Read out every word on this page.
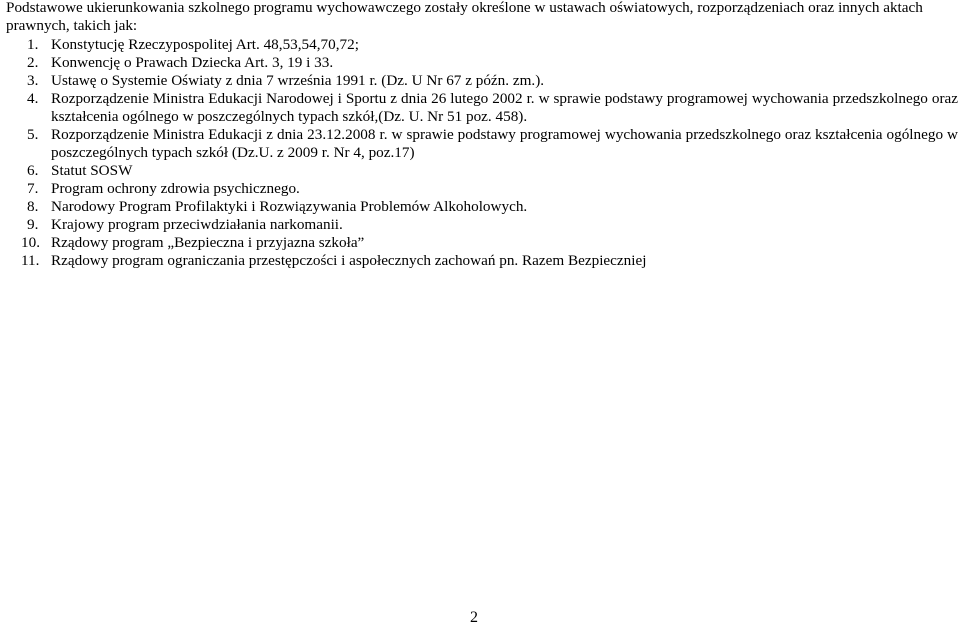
Podstawowe ukierunkowania szkolnego programu wychowawczego zostały określone w ustawach oświatowych, rozporządzeniach oraz innych aktach prawnych, takich jak:

1. Konstytucję Rzeczypospolitej Art. 48,53,54,70,72;
2. Konwencję o Prawach Dziecka Art. 3, 19 i 33.
3. Ustawę o Systemie Oświaty z dnia 7 września 1991 r. (Dz. U Nr 67 z późn. zm.).
4. Rozporządzenie Ministra Edukacji Narodowej i Sportu z dnia 26 lutego 2002 r. w sprawie podstawy programowej wychowania przedszkolnego oraz kształcenia ogólnego w poszczególnych typach szkół,(Dz. U. Nr 51 poz. 458).
5. Rozporządzenie Ministra Edukacji z dnia 23.12.2008 r. w sprawie podstawy programowej wychowania przedszkolnego oraz kształcenia ogólnego w poszczególnych typach szkół (Dz.U. z 2009 r. Nr 4, poz.17)
6. Statut SOSW
7. Program ochrony zdrowia psychicznego.
8. Narodowy Program Profilaktyki i Rozwiązywania Problemów Alkoholowych.
9. Krajowy program przeciwdziałania narkomanii.
10. Rządowy program „Bezpieczna i przyjazna szkoła”
11. Rządowy program ograniczania przestępczości i aspołecznych zachowań pn. Razem Bezpieczniej
2
